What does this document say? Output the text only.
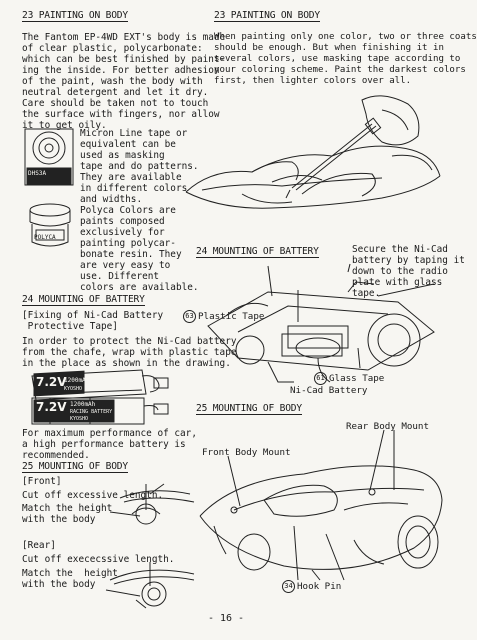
23 PAINTING ON BODY
The Fantom EP-4WD EXT's body is made
of clear plastic, polycarbonate:
which can be best finished by paint-
ing the inside. For better adhesion
of the paint, wash the body with
neutral detergent and let it dry.
Care should be taken not to touch
the surface with fingers, nor allow
it to get oily.
DHS3A
Micron Line tape or
equivalent can be
used as masking
tape and do patterns.
They are available
in different colors
and widths.
POLYCA
Polyca Colors are
paints composed
exclusively for
painting polycar-
bonate resin. They
are very easy to
use. Different
colors are available.
24 MOUNTING OF BATTERY
[Fixing of Ni-Cad Battery
Protective Tape]
63 Plastic Tape
In order to protect the Ni-Cad battery
from the chafe, wrap with plastic tape
in the place as shown in the drawing.
7.2V
1200mAh
KYOSHO
7.2V 1200mAh
RACING BATTERY
KYOSHO
For maximum performance of car,
a high performance battery is
recommended.
25 MOUNTING OF BODY
[Front]
Cut off excessive length.
Match the height
with the body
[Rear]
Cut off exececssive length.
Match the  height
with the body
23 PAINTING ON BODY
When painting only one color, two or three coats
should be enough. But when finishing it in
several colors, use masking tape according to
your coloring scheme. Paint the darkest colors
first, then lighter colors over all.
24 MOUNTING OF BATTERY	Secure the Ni-Cad
battery by taping it
down to the radio
plate with glass
tape.
61 Glass Tape
Ni-Cad Battery
25 MOUNTING OF BODY
Rear Body Mount
Front Body Mount
34 Hook Pin
- 16 -
